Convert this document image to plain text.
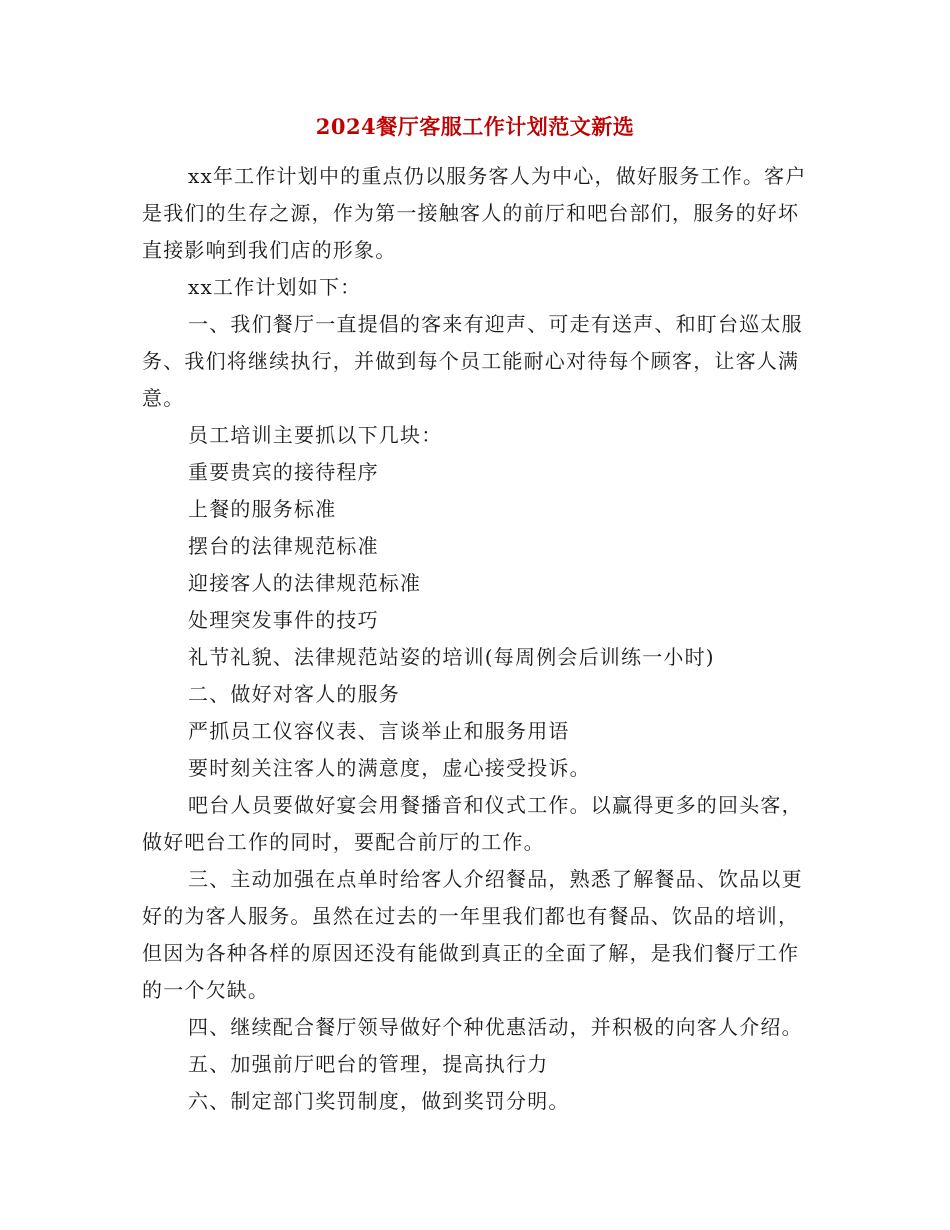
2024餐厅客服工作计划范文新选

xx年工作计划中的重点仍以服务客人为中心，做好服务工作。客户是我们的生存之源，作为第一接触客人的前厅和吧台部们，服务的好坏直接影响到我们店的形象。

xx工作计划如下：

一、我们餐厅一直提倡的客来有迎声、可走有送声、和盯台巡太服务、我们将继续执行，并做到每个员工能耐心对待每个顾客，让客人满意。

员工培训主要抓以下几块：

重要贵宾的接待程序

上餐的服务标准

摆台的法律规范标准

迎接客人的法律规范标准

处理突发事件的技巧

礼节礼貌、法律规范站姿的培训(每周例会后训练一小时)

二、做好对客人的服务

严抓员工仪容仪表、言谈举止和服务用语

要时刻关注客人的满意度，虚心接受投诉。

吧台人员要做好宴会用餐播音和仪式工作。以赢得更多的回头客，做好吧台工作的同时，要配合前厅的工作。

三、主动加强在点单时给客人介绍餐品，熟悉了解餐品、饮品以更好的为客人服务。虽然在过去的一年里我们都也有餐品、饮品的培训，但因为各种各样的原因还没有能做到真正的全面了解，是我们餐厅工作的一个欠缺。

四、继续配合餐厅领导做好个种优惠活动，并积极的向客人介绍。

五、加强前厅吧台的管理，提高执行力

六、制定部门奖罚制度，做到奖罚分明。
